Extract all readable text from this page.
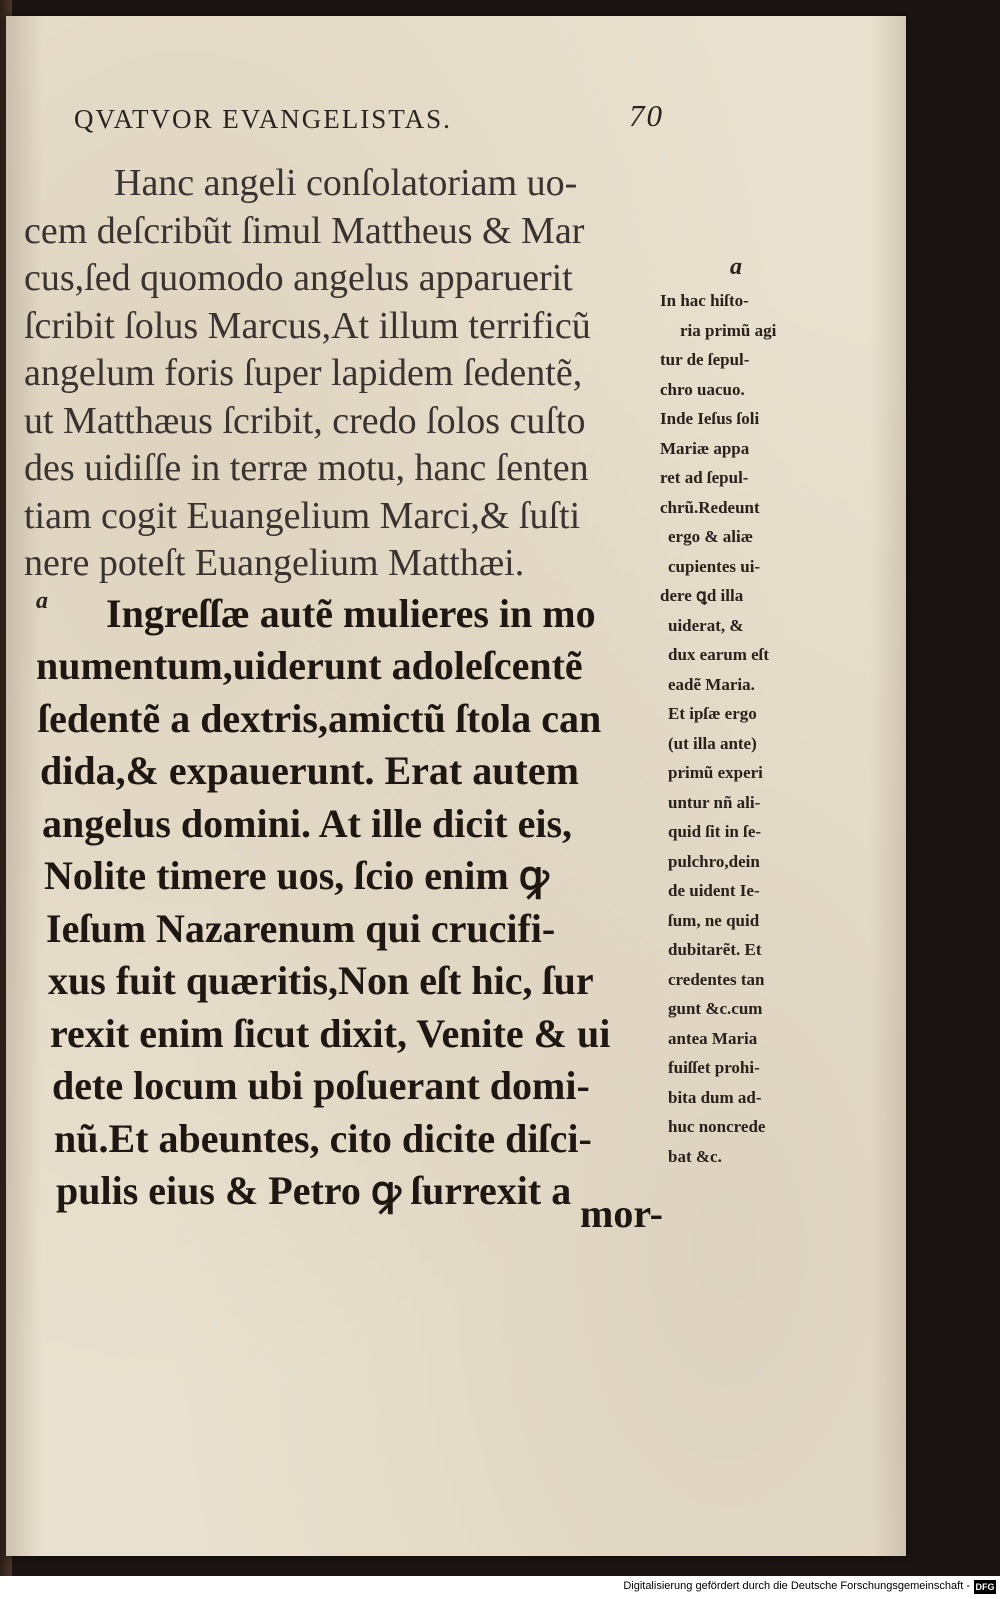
QVATVOR EVANGELISTAS.	70
a
a
Hanc angeli conſolatoriam uo-
cem deſcribũt ſimul Mattheus & Mar
cus,ſed quomodo angelus apparuerit
ſcribit ſolus Marcus,At illum terrificũ
angelum foris ſuper lapidem ſedentẽ,
ut Matthæus ſcribit, credo ſolos cuſto
des uidiſſe in terræ motu, hanc ſenten
tiam cogit Euangelium Marci,& ſuſti
nere poteſt Euangelium Matthæi.
Ingreſſæ autẽ mulieres in mo
numentum,uiderunt adoleſcentẽ
ſedentẽ a dextris,amictũ ſtola can
dida,& expauerunt. Erat autem
angelus domini. At ille dicit eis,
Nolite timere uos, ſcio enim ꝙ
Ieſum Nazarenum qui crucifi-
xus fuit quæritis,Non eſt hic, ſur
rexit enim ſicut dixit, Venite & ui
dete locum ubi poſuerant domi-
nũ.Et abeuntes, cito dicite diſci-
pulis eius & Petro ꝙ ſurrexit a
mor-
In hac hiſto-
ria primũ agi
tur de ſepul-
chro uacuo.
Inde Ieſus ſoli
Mariæ appa
ret ad ſepul-
chrũ.Redeunt
ergo & aliæ
cupientes ui-
dere ꝗd illa
uiderat, &
dux earum eſt
eadẽ Maria.
Et ipſæ ergo
(ut illa ante)
primũ experi
untur nñ ali-
quid ſit in ſe-
pulchro,dein
de uident Ie-
ſum, ne quid
dubitarẽt. Et
credentes tan
gunt &c.cum
antea Maria
fuiſſet prohi-
bita dum ad-
huc noncrede
bat &c.
Digitalisierung gefördert durch die Deutsche Forschungsgemeinschaft - DFG
